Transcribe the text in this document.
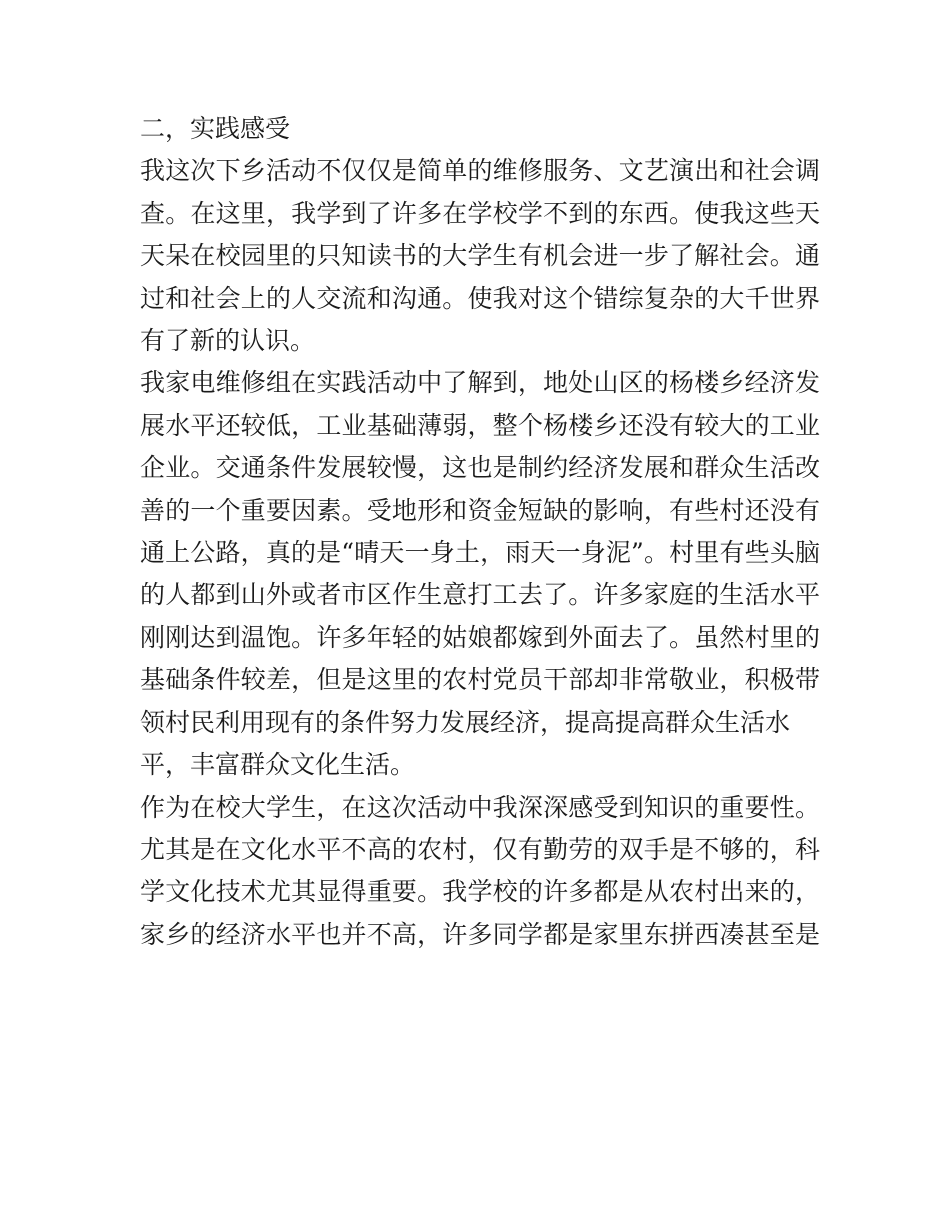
二，实践感受
我这次下乡活动不仅仅是简单的维修服务、文艺演出和社会调
查。在这里，我学到了许多在学校学不到的东西。使我这些天
天呆在校园里的只知读书的大学生有机会进一步了解社会。通
过和社会上的人交流和沟通。使我对这个错综复杂的大千世界
有了新的认识。
我家电维修组在实践活动中了解到，地处山区的杨楼乡经济发
展水平还较低，工业基础薄弱，整个杨楼乡还没有较大的工业
企业。交通条件发展较慢，这也是制约经济发展和群众生活改
善的一个重要因素。受地形和资金短缺的影响，有些村还没有
通上公路，真的是“晴天一身土，雨天一身泥”。村里有些头脑
的人都到山外或者市区作生意打工去了。许多家庭的生活水平
刚刚达到温饱。许多年轻的姑娘都嫁到外面去了。虽然村里的
基础条件较差，但是这里的农村党员干部却非常敬业，积极带
领村民利用现有的条件努力发展经济，提高提高群众生活水
平，丰富群众文化生活。
作为在校大学生，在这次活动中我深深感受到知识的重要性。
尤其是在文化水平不高的农村，仅有勤劳的双手是不够的，科
学文化技术尤其显得重要。我学校的许多都是从农村出来的，
家乡的经济水平也并不高，许多同学都是家里东拼西凑甚至是
